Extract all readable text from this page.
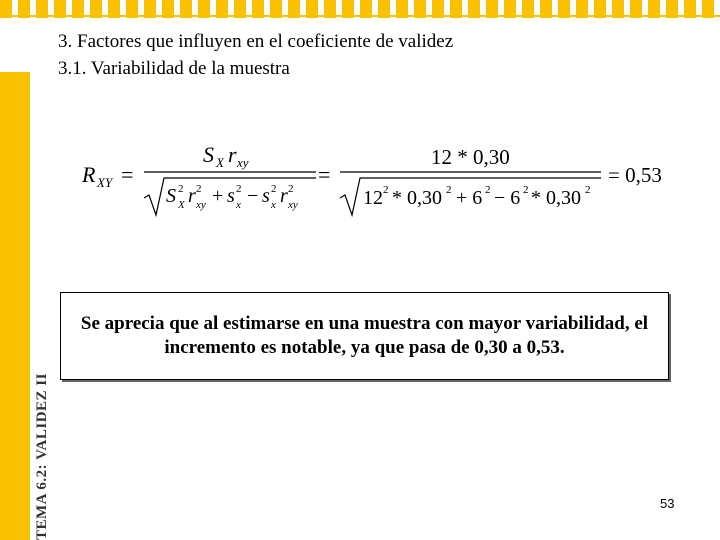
TEMA 6.2: VALIDEZ II
3. Factores que influyen en el coeficiente de validez
3.1. Variabilidad de la muestra
R XY =
S X r xy
S 2
X r 2
xy + s 2
x − s 2
x r 2
xy
=
12 * 0,30
12 2 * 0,30 2 + 6 2 − 6 2 * 0,30 2
= 0,53
Se aprecia que al estimarse en una muestra con mayor variabilidad, el incremento es notable, ya que pasa de 0,30 a 0,53.
53
